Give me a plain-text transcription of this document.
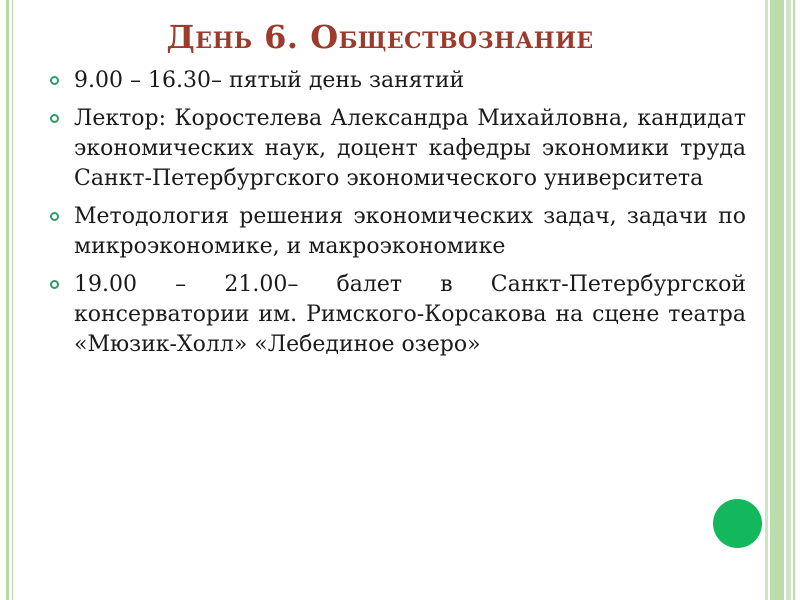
День 6. Обществознание
9.00 – 16.30– пятый день занятий
Лектор: Коростелева Александра Михайловна, кандидат экономических наук, доцент кафедры экономики труда Санкт-Петербургского экономического университета
Методология решения экономических задач, задачи по микроэкономике, и макроэкономике
19.00 – 21.00– балет в Санкт-Петербургской консерватории им. Римского-Корсакова на сцене театра «Мюзик-Холл» «Лебединое озеро»
